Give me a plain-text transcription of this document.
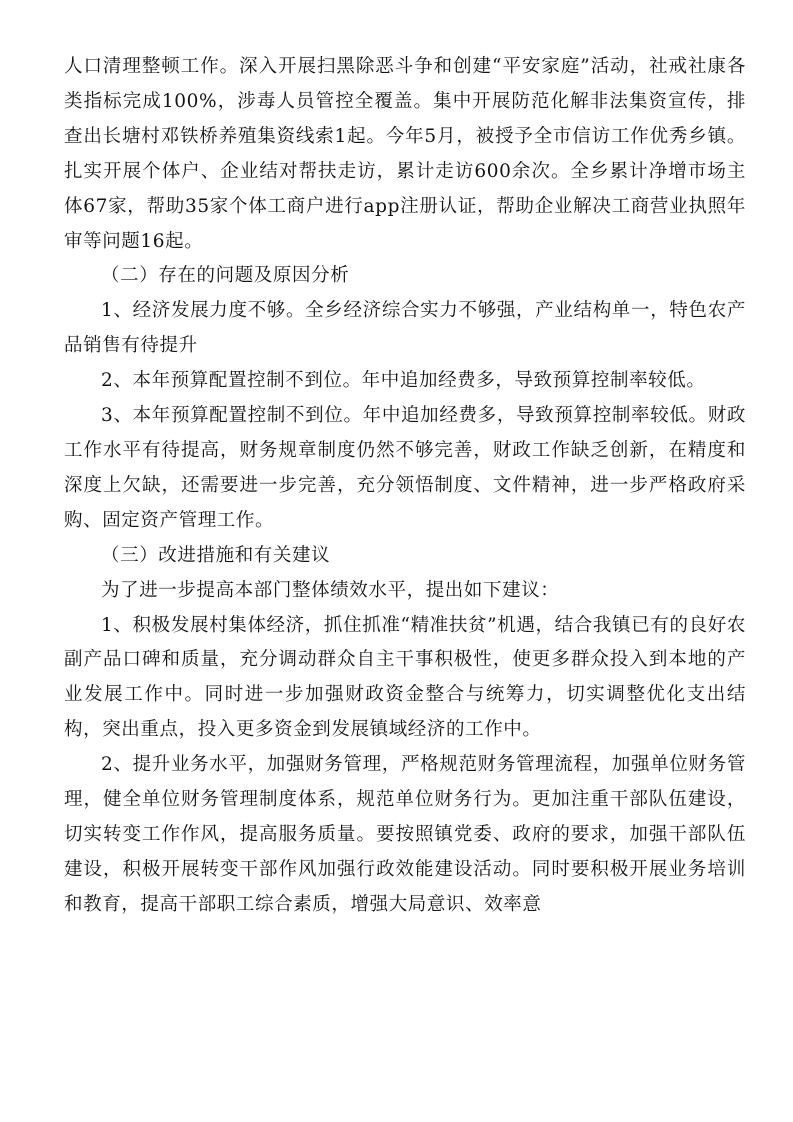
人口清理整顿工作。深入开展扫黑除恶斗争和创建“平安家庭”活动，社戒社康各类指标完成100%，涉毒人员管控全覆盖。集中开展防范化解非法集资宣传，排查出长塘村邓铁桥养殖集资线索1起。今年5月，被授予全市信访工作优秀乡镇。扎实开展个体户、企业结对帮扶走访，累计走访600余次。全乡累计净增市场主体67家，帮助35家个体工商户进行app注册认证，帮助企业解决工商营业执照年审等问题16起。

（二）存在的问题及原因分析

1、经济发展力度不够。全乡经济综合实力不够强，产业结构单一，特色农产品销售有待提升

2、本年预算配置控制不到位。年中追加经费多，导致预算控制率较低。

3、本年预算配置控制不到位。年中追加经费多，导致预算控制率较低。财政工作水平有待提高，财务规章制度仍然不够完善，财政工作缺乏创新，在精度和深度上欠缺，还需要进一步完善，充分领悟制度、文件精神，进一步严格政府采购、固定资产管理工作。

（三）改进措施和有关建议

为了进一步提高本部门整体绩效水平，提出如下建议：

1、积极发展村集体经济，抓住抓准“精准扶贫”机遇，结合我镇已有的良好农副产品口碑和质量，充分调动群众自主干事积极性，使更多群众投入到本地的产业发展工作中。同时进一步加强财政资金整合与统筹力，切实调整优化支出结构，突出重点，投入更多资金到发展镇域经济的工作中。

2、提升业务水平，加强财务管理，严格规范财务管理流程，加强单位财务管理，健全单位财务管理制度体系，规范单位财务行为。更加注重干部队伍建设，切实转变工作作风，提高服务质量。要按照镇党委、政府的要求，加强干部队伍建设，积极开展转变干部作风加强行政效能建设活动。同时要积极开展业务培训和教育，提高干部职工综合素质，增强大局意识、效率意
